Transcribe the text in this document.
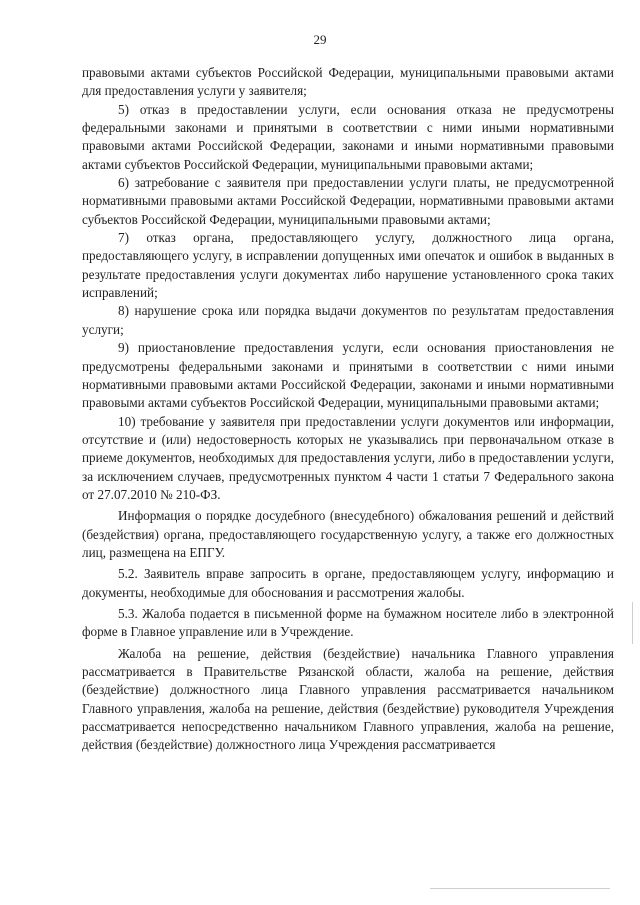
29

правовыми актами субъектов Российской Федерации, муниципальными правовыми актами для предоставления услуги у заявителя;

5) отказ в предоставлении услуги, если основания отказа не предусмотрены федеральными законами и принятыми в соответствии с ними иными нормативными правовыми актами Российской Федерации, законами и иными нормативными правовыми актами субъектов Российской Федерации, муниципальными правовыми актами;

6) затребование с заявителя при предоставлении услуги платы, не предусмотренной нормативными правовыми актами Российской Федерации, нормативными правовыми актами субъектов Российской Федерации, муниципальными правовыми актами;

7) отказ органа, предоставляющего услугу, должностного лица органа, предоставляющего услугу, в исправлении допущенных ими опечаток и ошибок в выданных в результате предоставления услуги документах либо нарушение установленного срока таких исправлений;

8) нарушение срока или порядка выдачи документов по результатам предоставления услуги;

9) приостановление предоставления услуги, если основания приостановления не предусмотрены федеральными законами и принятыми в соответствии с ними иными нормативными правовыми актами Российской Федерации, законами и иными нормативными правовыми актами субъектов Российской Федерации, муниципальными правовыми актами;

10) требование у заявителя при предоставлении услуги документов или информации, отсутствие и (или) недостоверность которых не указывались при первоначальном отказе в приеме документов, необходимых для предоставления услуги, либо в предоставлении услуги, за исключением случаев, предусмотренных пунктом 4 части 1 статьи 7 Федерального закона от 27.07.2010 № 210-ФЗ.

Информация о порядке досудебного (внесудебного) обжалования решений и действий (бездействия) органа, предоставляющего государственную услугу, а также его должностных лиц, размещена на ЕПГУ.

5.2. Заявитель вправе запросить в органе, предоставляющем услугу, информацию и документы, необходимые для обоснования и рассмотрения жалобы.

5.3. Жалоба подается в письменной форме на бумажном носителе либо в электронной форме в Главное управление или в Учреждение.

Жалоба на решение, действия (бездействие) начальника Главного управления рассматривается в Правительстве Рязанской области, жалоба на решение, действия (бездействие) должностного лица Главного управления рассматривается начальником Главного управления, жалоба на решение, действия (бездействие) руководителя Учреждения рассматривается непосредственно начальником Главного управления, жалоба на решение, действия (бездействие) должностного лица Учреждения рассматривается
